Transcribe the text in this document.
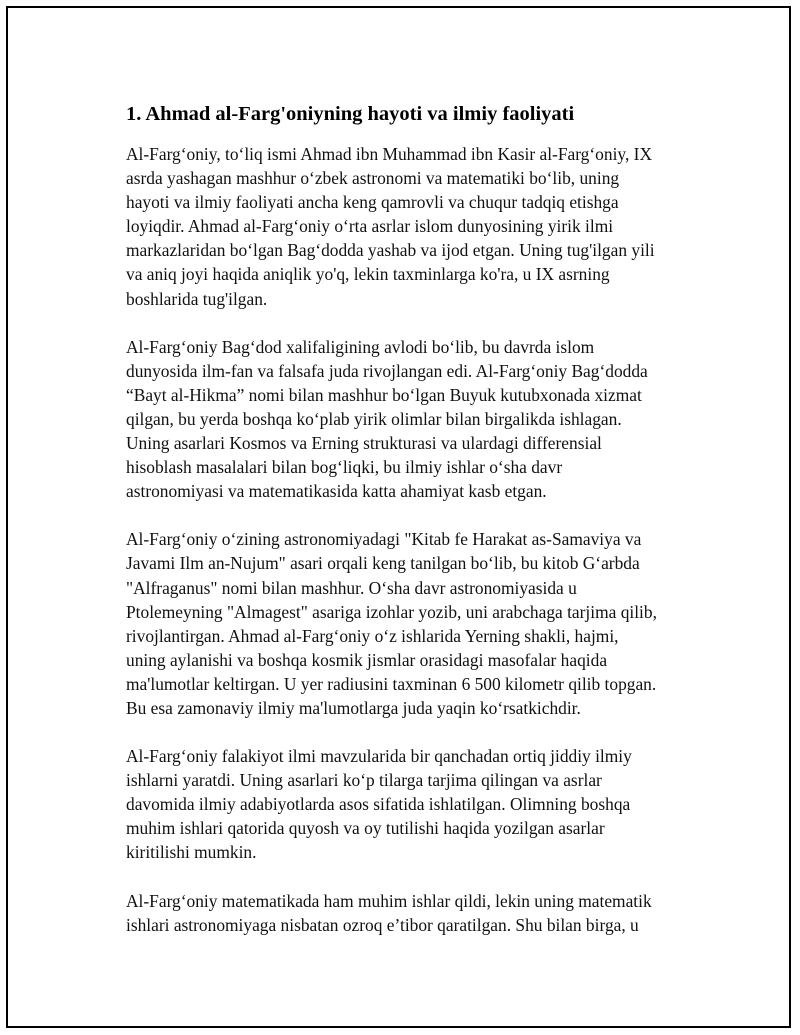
1. Ahmad al-Farg'oniyning hayoti va ilmiy faoliyati
Al-Farg‘oniy, to‘liq ismi Ahmad ibn Muhammad ibn Kasir al-Farg‘oniy, IX
asrda yashagan mashhur o‘zbek astronomi va matematiki bo‘lib, uning
hayoti va ilmiy faoliyati ancha keng qamrovli va chuqur tadqiq etishga
loyiqdir. Ahmad al-Farg‘oniy o‘rta asrlar islom dunyosining yirik ilmi
markazlaridan bo‘lgan Bag‘dodda yashab va ijod etgan. Uning tug'ilgan yili
va aniq joyi haqida aniqlik yo'q, lekin taxminlarga ko'ra, u IX asrning
boshlarida tug'ilgan.
Al-Farg‘oniy Bag‘dod xalifaligining avlodi bo‘lib, bu davrda islom
dunyosida ilm-fan va falsafa juda rivojlangan edi. Al-Farg‘oniy Bag‘dodda
“Bayt al-Hikma” nomi bilan mashhur bo‘lgan Buyuk kutubxonada xizmat
qilgan, bu yerda boshqa ko‘plab yirik olimlar bilan birgalikda ishlagan.
Uning asarlari Kosmos va Erning strukturasi va ulardagi differensial
hisoblash masalalari bilan bog‘liqki, bu ilmiy ishlar o‘sha davr
astronomiyasi va matematikasida katta ahamiyat kasb etgan.
Al-Farg‘oniy o‘zining astronomiyadagi "Kitab fe Harakat as-Samaviya va
Javami Ilm an-Nujum" asari orqali keng tanilgan bo‘lib, bu kitob G‘arbda
"Alfraganus" nomi bilan mashhur. O‘sha davr astronomiyasida u
Ptolemeyning "Almagest" asariga izohlar yozib, uni arabchaga tarjima qilib,
rivojlantirgan. Ahmad al-Farg‘oniy o‘z ishlarida Yerning shakli, hajmi,
uning aylanishi va boshqa kosmik jismlar orasidagi masofalar haqida
ma'lumotlar keltirgan. U yer radiusini taxminan 6 500 kilometr qilib topgan.
Bu esa zamonaviy ilmiy ma'lumotlarga juda yaqin ko‘rsatkichdir.
Al-Farg‘oniy falakiyot ilmi mavzularida bir qanchadan ortiq jiddiy ilmiy
ishlarni yaratdi. Uning asarlari ko‘p tilarga tarjima qilingan va asrlar
davomida ilmiy adabiyotlarda asos sifatida ishlatilgan. Olimning boshqa
muhim ishlari qatorida quyosh va oy tutilishi haqida yozilgan asarlar
kiritilishi mumkin.
Al-Farg‘oniy matematikada ham muhim ishlar qildi, lekin uning matematik
ishlari astronomiyaga nisbatan ozroq e’tibor qaratilgan. Shu bilan birga, u
